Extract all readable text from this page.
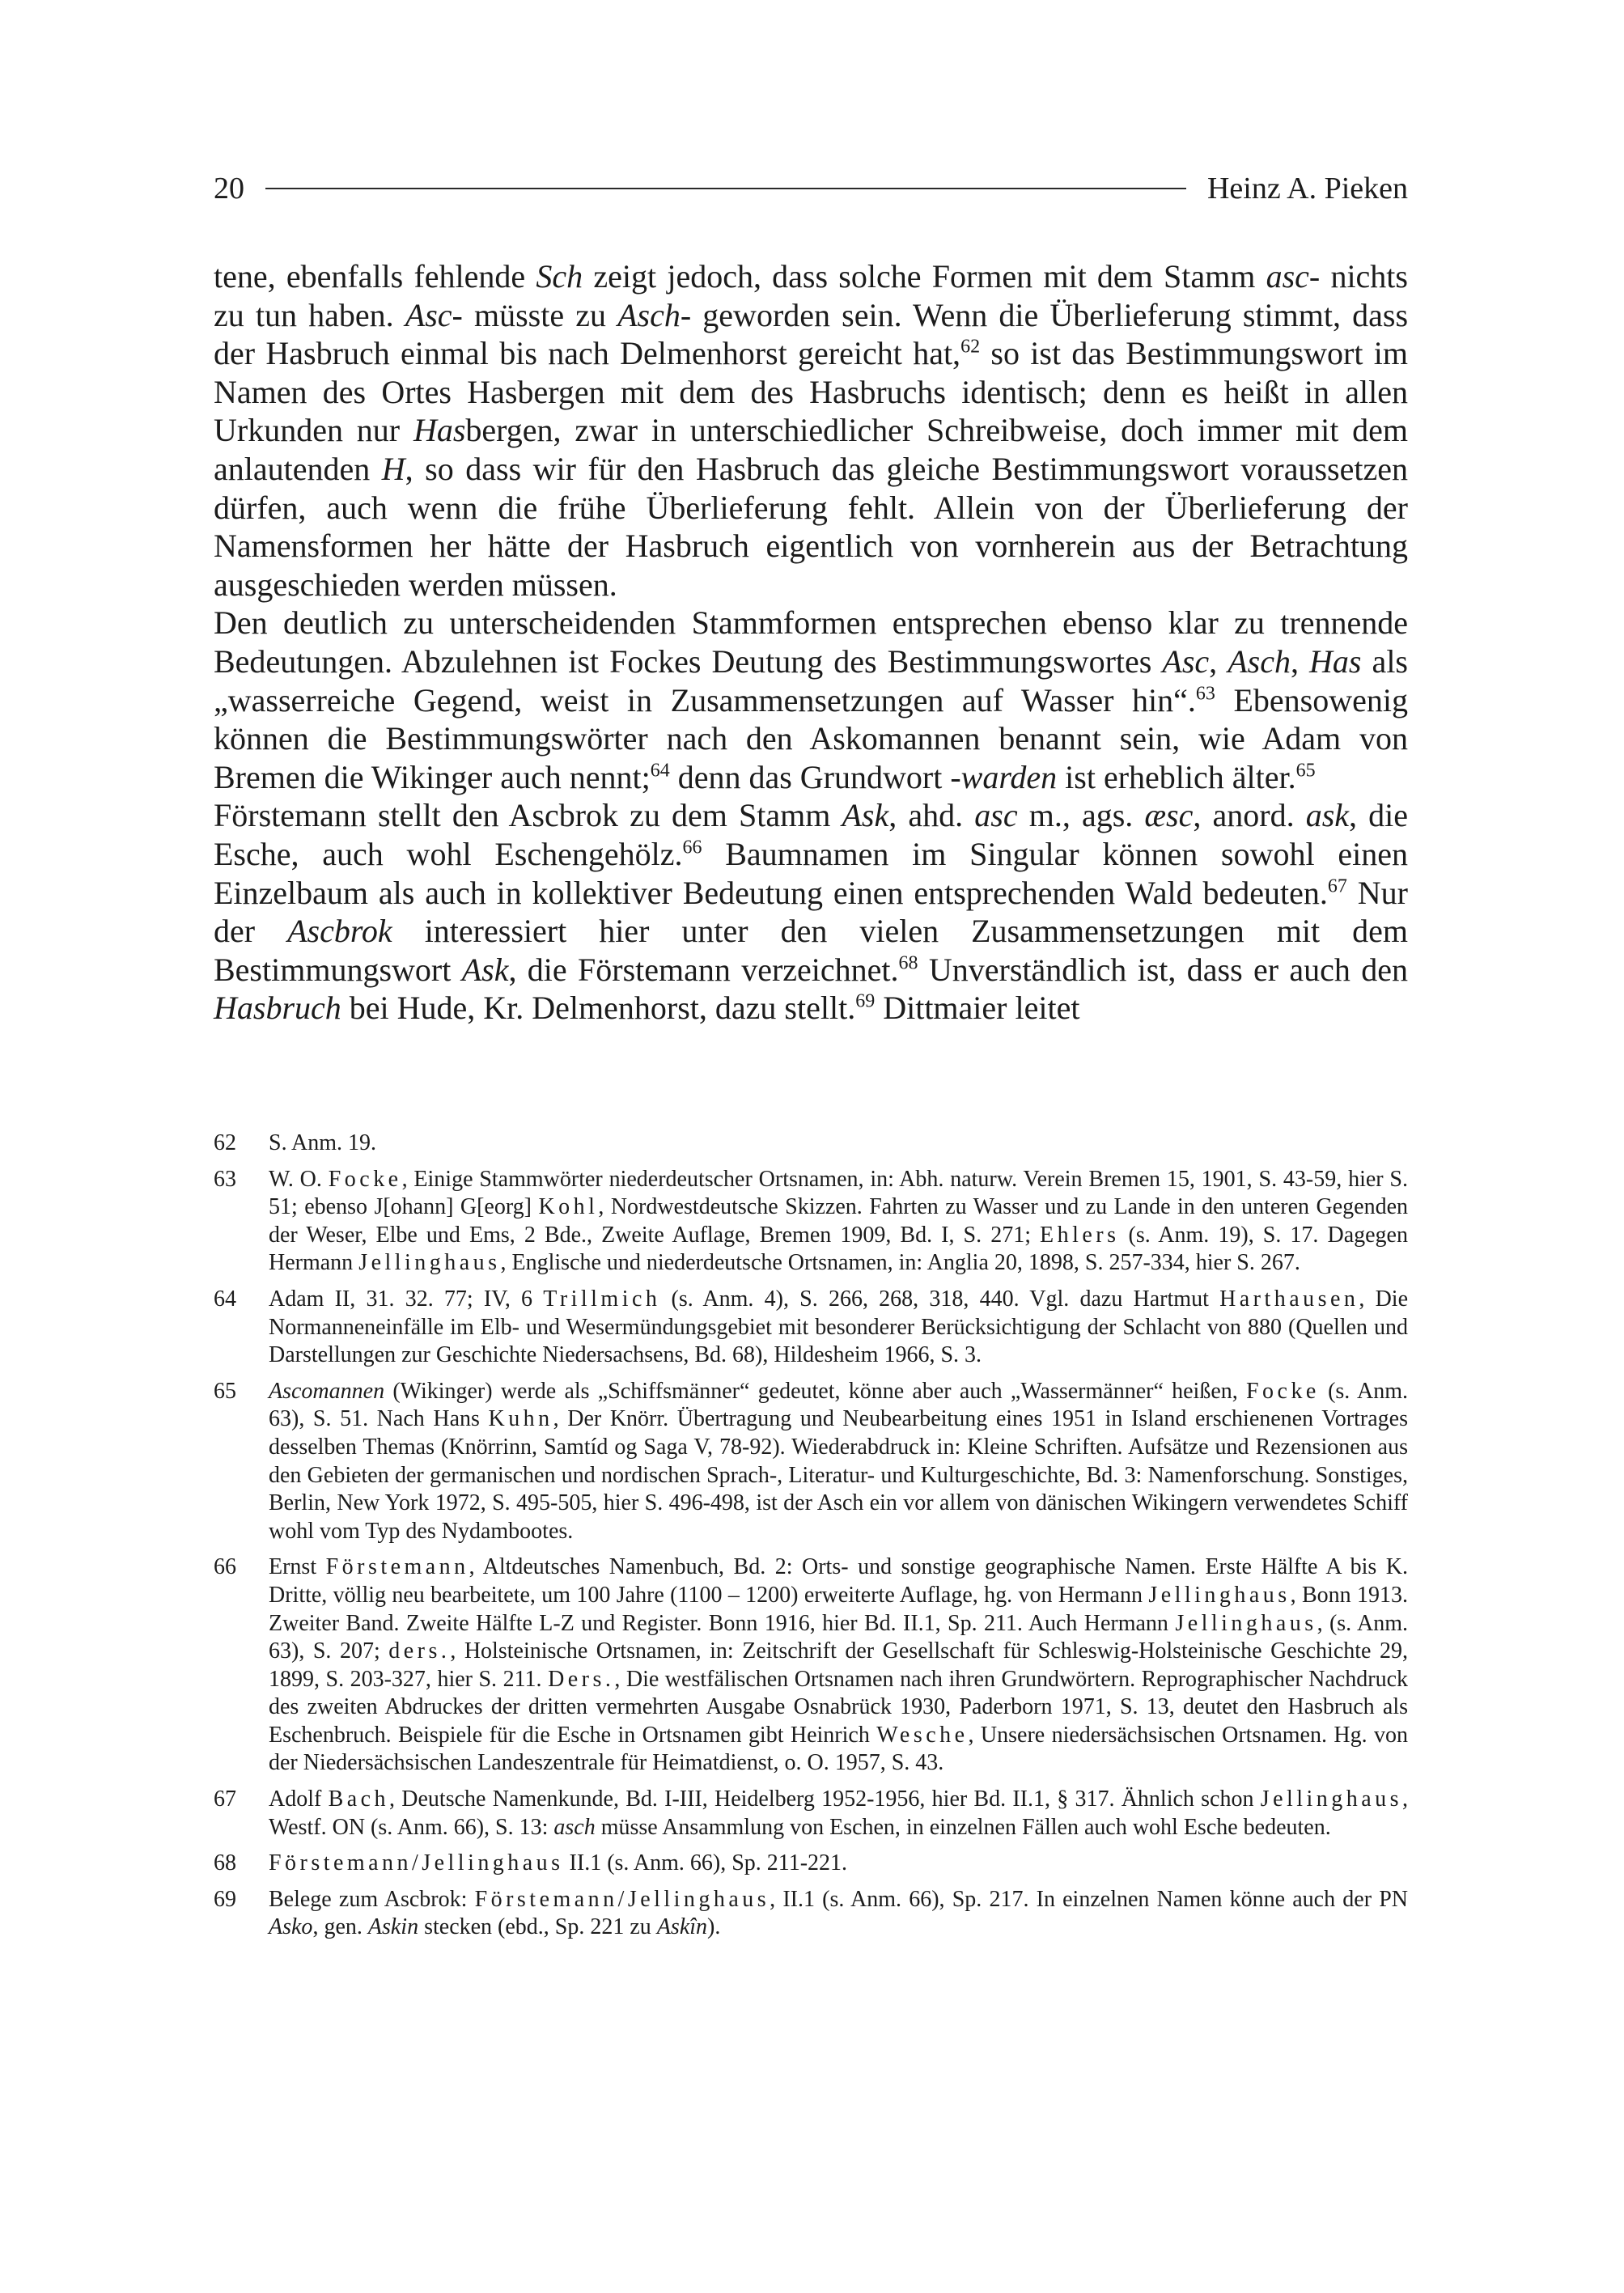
20	Heinz A. Pieken

tene, ebenfalls fehlende Sch zeigt jedoch, dass solche Formen mit dem Stamm asc- nichts zu tun haben. Asc- müsste zu Asch- geworden sein. Wenn die Überlieferung stimmt, dass der Hasbruch einmal bis nach Delmenhorst gereicht hat,$^{62}$ so ist das Bestimmungswort im Namen des Ortes Hasbergen mit dem des Hasbruchs identisch; denn es heißt in allen Urkunden nur Hasbergen, zwar in unterschiedlicher Schreibweise, doch immer mit dem anlautenden H, so dass wir für den Hasbruch das gleiche Bestimmungswort voraussetzen dürfen, auch wenn die frühe Überlieferung fehlt. Allein von der Überlieferung der Namensformen her hätte der Hasbruch eigentlich von vornherein aus der Betrachtung ausgeschieden werden müssen.

Den deutlich zu unterscheidenden Stammformen entsprechen ebenso klar zu trennende Bedeutungen. Abzulehnen ist Fockes Deutung des Bestimmungswortes Asc, Asch, Has als „wasserreiche Gegend, weist in Zusammensetzungen auf Wasser hin“.$^{63}$ Ebensowenig können die Bestimmungswörter nach den Askomannen benannt sein, wie Adam von Bremen die Wikinger auch nennt;$^{64}$ denn das Grundwort -warden ist erheblich älter.$^{65}$

Förstemann stellt den Ascbrok zu dem Stamm Ask, ahd. asc m., ags. æsc, anord. ask, die Esche, auch wohl Eschengehölz.$^{66}$ Baumnamen im Singular können sowohl einen Einzelbaum als auch in kollektiver Bedeutung einen entsprechenden Wald bedeuten.$^{67}$ Nur der Ascbrok interessiert hier unter den vielen Zusammensetzungen mit dem Bestimmungswort Ask, die Förstemann verzeichnet.$^{68}$ Unverständlich ist, dass er auch den Hasbruch bei Hude, Kr. Delmenhorst, dazu stellt.$^{69}$ Dittmaier leitet

62	S. Anm. 19.

63	W. O. Focke, Einige Stammwörter niederdeutscher Ortsnamen, in: Abh. naturw. Verein Bremen 15, 1901, S. 43-59, hier S. 51; ebenso J[ohann] G[eorg] Kohl, Nordwestdeutsche Skizzen. Fahrten zu Wasser und zu Lande in den unteren Gegenden der Weser, Elbe und Ems, 2 Bde., Zweite Auflage, Bremen 1909, Bd. I, S. 271; Ehlers (s. Anm. 19), S. 17. Dagegen Hermann Jellinghaus, Englische und niederdeutsche Ortsnamen, in: Anglia 20, 1898, S. 257-334, hier S. 267.

64	Adam II, 31. 32. 77; IV, 6 Trillmich (s. Anm. 4), S. 266, 268, 318, 440. Vgl. dazu Hartmut Harthausen, Die Normanneneinfälle im Elb- und Wesermündungsgebiet mit besonderer Berücksichtigung der Schlacht von 880 (Quellen und Darstellungen zur Geschichte Niedersachsens, Bd. 68), Hildesheim 1966, S. 3.

65	Ascomannen (Wikinger) werde als „Schiffsmänner“ gedeutet, könne aber auch „Wassermänner“ heißen, Focke (s. Anm. 63), S. 51. Nach Hans Kuhn, Der Knörr. Übertragung und Neubearbeitung eines 1951 in Island erschienenen Vortrages desselben Themas (Knörrinn, Samtíd og Saga V, 78-92). Wiederabdruck in: Kleine Schriften. Aufsätze und Rezensionen aus den Gebieten der germanischen und nordischen Sprach-, Literatur- und Kulturgeschichte, Bd. 3: Namenforschung. Sonstiges, Berlin, New York 1972, S. 495-505, hier S. 496-498, ist der Asch ein vor allem von dänischen Wikingern verwendetes Schiff wohl vom Typ des Nydambootes.

66	Ernst Förstemann, Altdeutsches Namenbuch, Bd. 2: Orts- und sonstige geographische Namen. Erste Hälfte A bis K. Dritte, völlig neu bearbeitete, um 100 Jahre (1100 – 1200) erweiterte Auflage, hg. von Hermann Jellinghaus, Bonn 1913. Zweiter Band. Zweite Hälfte L-Z und Register. Bonn 1916, hier Bd. II.1, Sp. 211. Auch Hermann Jellinghaus, (s. Anm. 63), S. 207; ders., Holsteinische Ortsnamen, in: Zeitschrift der Gesellschaft für Schleswig-Holsteinische Geschichte 29, 1899, S. 203-327, hier S. 211. Ders., Die westfälischen Ortsnamen nach ihren Grundwörtern. Reprographischer Nachdruck des zweiten Abdruckes der dritten vermehrten Ausgabe Osnabrück 1930, Paderborn 1971, S. 13, deutet den Hasbruch als Eschenbruch. Beispiele für die Esche in Ortsnamen gibt Heinrich Wesche, Unsere niedersächsischen Ortsnamen. Hg. von der Niedersächsischen Landeszentrale für Heimatdienst, o. O. 1957, S. 43.

67	Adolf Bach, Deutsche Namenkunde, Bd. I-III, Heidelberg 1952-1956, hier Bd. II.1, § 317. Ähnlich schon Jellinghaus, Westf. ON (s. Anm. 66), S. 13: asch müsse Ansammlung von Eschen, in einzelnen Fällen auch wohl Esche bedeuten.

68	Förstemann/Jellinghaus II.1 (s. Anm. 66), Sp. 211-221.

69	Belege zum Ascbrok: Förstemann/Jellinghaus, II.1 (s. Anm. 66), Sp. 217. In einzelnen Namen könne auch der PN Asko, gen. Askin stecken (ebd., Sp. 221 zu Askîn).
